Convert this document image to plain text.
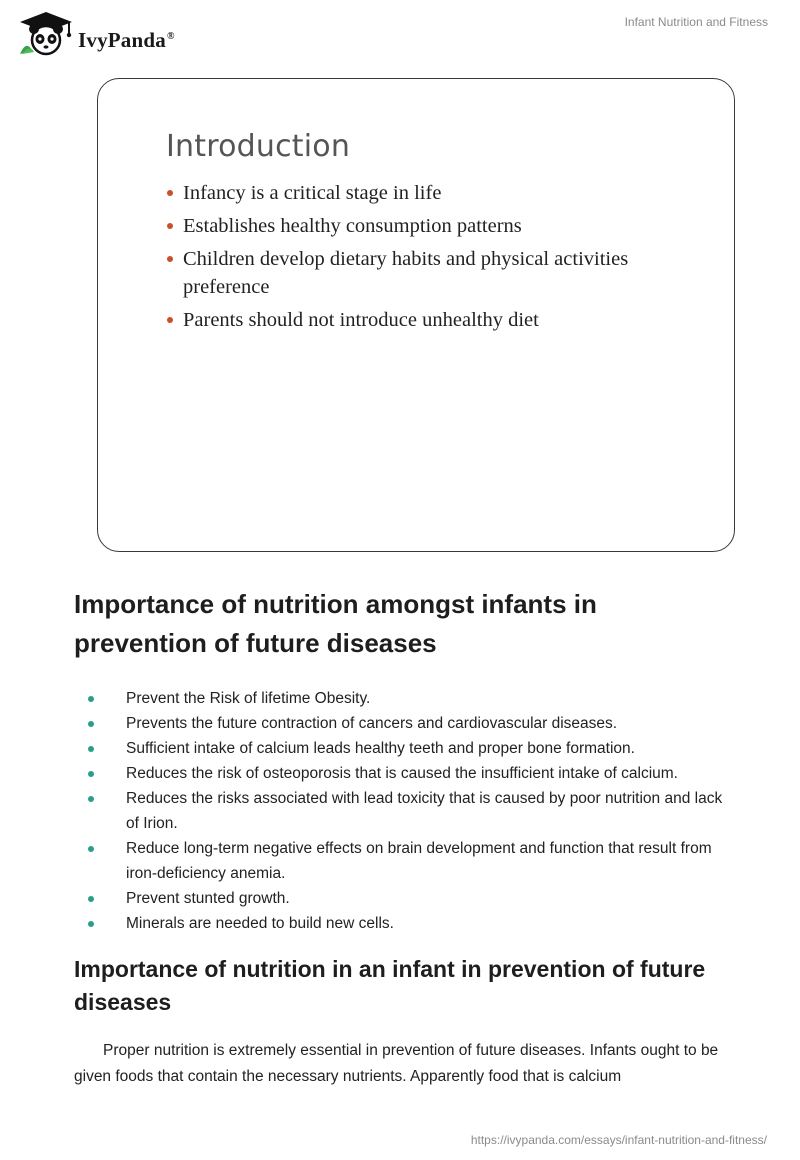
IvyPanda®
Infant Nutrition and Fitness
Introduction
Infancy is a critical stage in life
Establishes healthy consumption patterns
Children develop dietary habits and physical activities preference
Parents should not introduce unhealthy diet
Importance of nutrition amongst infants in prevention of future diseases
Prevent the Risk of lifetime Obesity.
Prevents the future contraction of cancers and cardiovascular diseases.
Sufficient intake of calcium leads healthy teeth and proper bone formation.
Reduces the risk of osteoporosis that is caused the insufficient intake of calcium.
Reduces the risks associated with lead toxicity that is caused by poor nutrition and lack of Irion.
Reduce long-term negative effects on brain development and function that result from iron-deficiency anemia.
Prevent stunted growth.
Minerals are needed to build new cells.
Importance of nutrition in an infant in prevention of future diseases

Proper nutrition is extremely essential in prevention of future diseases. Infants ought to be given foods that contain the necessary nutrients. Apparently food that is calcium

https://ivypanda.com/essays/infant-nutrition-and-fitness/
